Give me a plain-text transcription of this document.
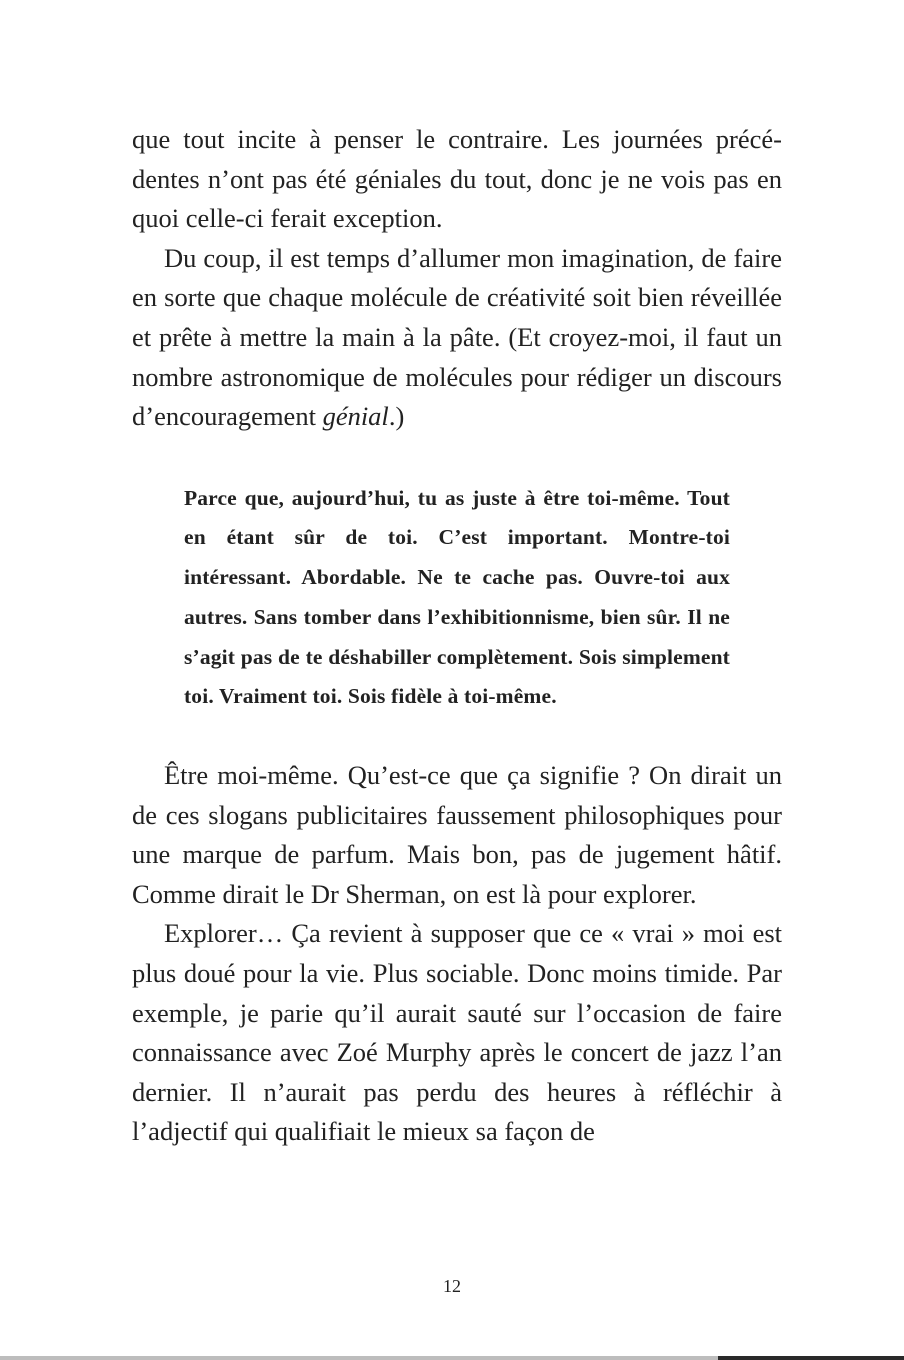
que tout incite à penser le contraire. Les journées précédentes n’ont pas été géniales du tout, donc je ne vois pas en quoi celle-ci ferait exception.

Du coup, il est temps d’allumer mon imagination, de faire en sorte que chaque molécule de créativité soit bien réveillée et prête à mettre la main à la pâte. (Et croyez-moi, il faut un nombre astronomique de molécules pour rédiger un discours d’encouragement génial.)

Parce que, aujourd’hui, tu as juste à être toi-même. Tout en étant sûr de toi. C’est important. Montre-toi intéressant. Abordable. Ne te cache pas. Ouvre-toi aux autres. Sans tomber dans l’exhibitionnisme, bien sûr. Il ne s’agit pas de te déshabiller complètement. Sois simplement toi. Vraiment toi. Sois fidèle à toi-même.

Être moi-même. Qu’est-ce que ça signifie ? On dirait un de ces slogans publicitaires faussement philosophiques pour une marque de parfum. Mais bon, pas de jugement hâtif. Comme dirait le Dr Sherman, on est là pour explorer.

Explorer… Ça revient à supposer que ce « vrai » moi est plus doué pour la vie. Plus sociable. Donc moins timide. Par exemple, je parie qu’il aurait sauté sur l’occasion de faire connaissance avec Zoé Murphy après le concert de jazz l’an dernier. Il n’aurait pas perdu des heures à réfléchir à l’adjectif qui qualifiait le mieux sa façon de

12
